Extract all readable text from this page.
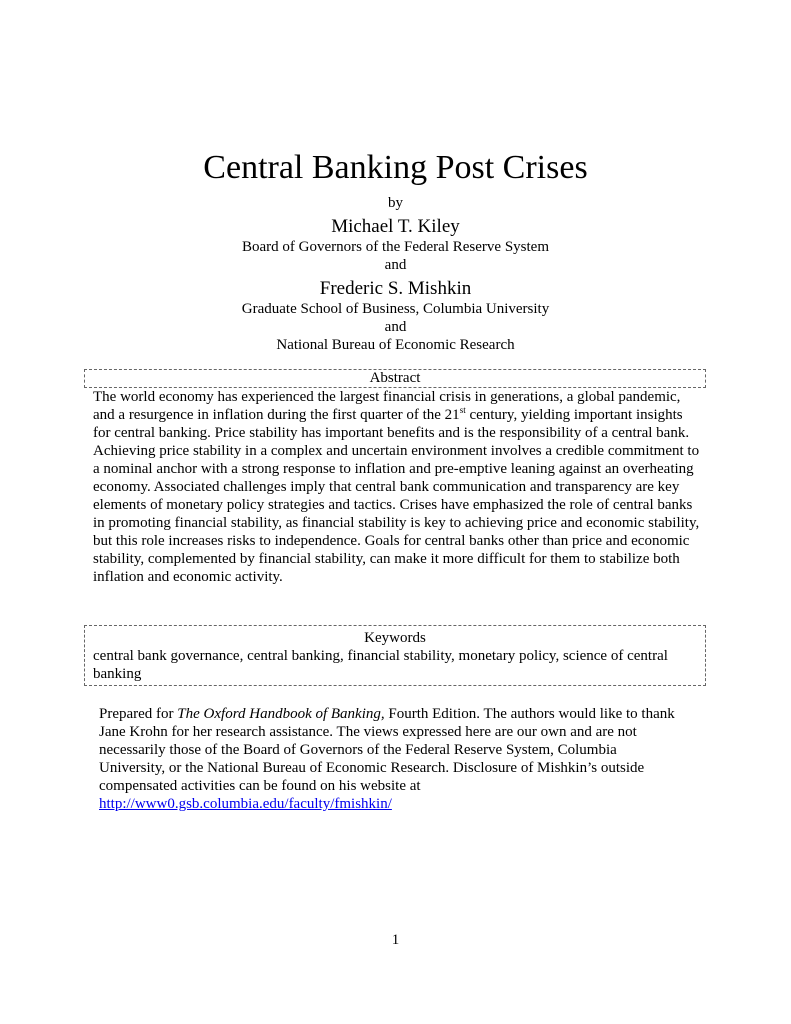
Central Banking Post Crises
by
Michael T. Kiley
Board of Governors of the Federal Reserve System
and
Frederic S. Mishkin
Graduate School of Business, Columbia University
and
National Bureau of Economic Research
Abstract
The world economy has experienced the largest financial crisis in generations, a global pandemic, and a resurgence in inflation during the first quarter of the 21st century, yielding important insights for central banking. Price stability has important benefits and is the responsibility of a central bank. Achieving price stability in a complex and uncertain environment involves a credible commitment to a nominal anchor with a strong response to inflation and pre-emptive leaning against an overheating economy. Associated challenges imply that central bank communication and transparency are key elements of monetary policy strategies and tactics. Crises have emphasized the role of central banks in promoting financial stability, as financial stability is key to achieving price and economic stability, but this role increases risks to independence. Goals for central banks other than price and economic stability, complemented by financial stability, can make it more difficult for them to stabilize both inflation and economic activity.
Keywords
central bank governance, central banking, financial stability, monetary policy, science of central banking
Prepared for The Oxford Handbook of Banking, Fourth Edition. The authors would like to thank Jane Krohn for her research assistance. The views expressed here are our own and are not necessarily those of the Board of Governors of the Federal Reserve System, Columbia University, or the National Bureau of Economic Research. Disclosure of Mishkin’s outside compensated activities can be found on his website at
http://www0.gsb.columbia.edu/faculty/fmishkin/
1
